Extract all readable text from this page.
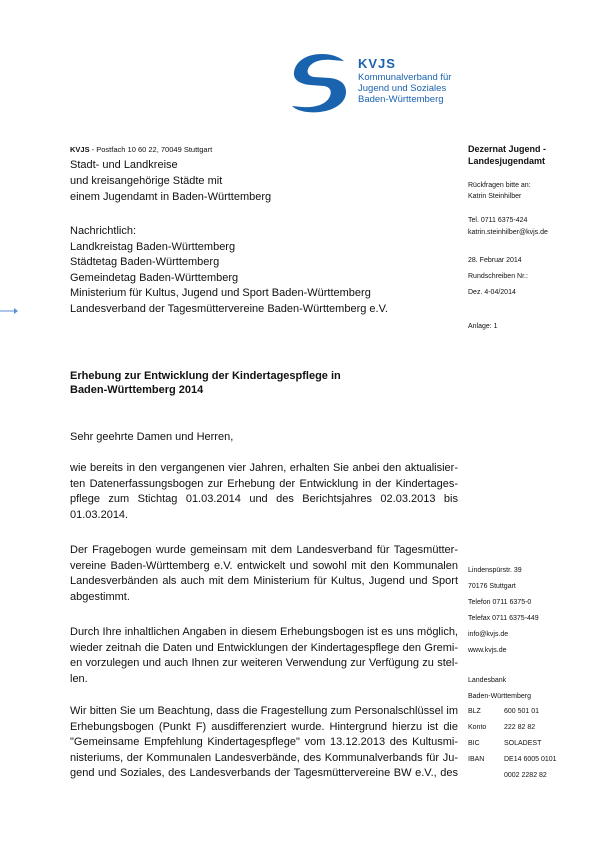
KVJS
Kommunalverband für
Jugend und Soziales
Baden-Württemberg
KVJS - Postfach 10 60 22, 70049 Stuttgart
Stadt- und Landkreise
und kreisangehörige Städte mit
einem Jugendamt in Baden-Württemberg
Nachrichtlich:
Landkreistag Baden-Württemberg
Städtetag Baden-Württemberg
Gemeindetag Baden-Württemberg
Ministerium für Kultus, Jugend und Sport Baden-Württemberg
Landesverband der Tagesmüttervereine Baden-Württemberg e.V.
Dezernat Jugend -
Landesjugendamt
Rückfragen bitte an:
Katrin Steinhilber
Tel. 0711 6375-424
katrin.steinhilber@kvjs.de
28. Februar 2014
Rundschreiben Nr.:
Dez. 4-04/2014
Anlage: 1
Lindenspürstr. 39
70176 Stuttgart
Telefon 0711 6375-0
Telefax 0711 6375-449
info@kvjs.de
www.kvjs.de
Landesbank
Baden-Württemberg
BLZ	600 501 01
Konto	222 82 82
BIC	SOLADEST
IBAN	DE14 6005 0101
0002 2282 82
Erhebung zur Entwicklung der Kindertagespflege in
Baden-Württemberg 2014
Sehr geehrte Damen und Herren,
wie bereits in den vergangenen vier Jahren, erhalten Sie anbei den aktualisier-
ten Datenerfassungsbogen zur Erhebung der Entwicklung in der Kindertages-
pflege zum Stichtag 01.03.2014 und des Berichtsjahres 02.03.2013 bis
01.03.2014.
Der Fragebogen wurde gemeinsam mit dem Landesverband für Tagesmütter-
vereine Baden-Württemberg e.V. entwickelt und sowohl mit den Kommunalen
Landesverbänden als auch mit dem Ministerium für Kultus, Jugend und Sport
abgestimmt.
Durch Ihre inhaltlichen Angaben in diesem Erhebungsbogen ist es uns möglich,
wieder zeitnah die Daten und Entwicklungen der Kindertagespflege den Gremi-
en vorzulegen und auch Ihnen zur weiteren Verwendung zur Verfügung zu stel-
len.
Wir bitten Sie um Beachtung, dass die Fragestellung zum Personalschlüssel im
Erhebungsbogen (Punkt F) ausdifferenziert wurde. Hintergrund hierzu ist die
"Gemeinsame Empfehlung Kindertagespflege" vom 13.12.2013 des Kultusmi-
nisteriums, der Kommunalen Landesverbände, des Kommunalverbands für Ju-
gend und Soziales, des Landesverbands der Tagesmüttervereine BW e.V., des
